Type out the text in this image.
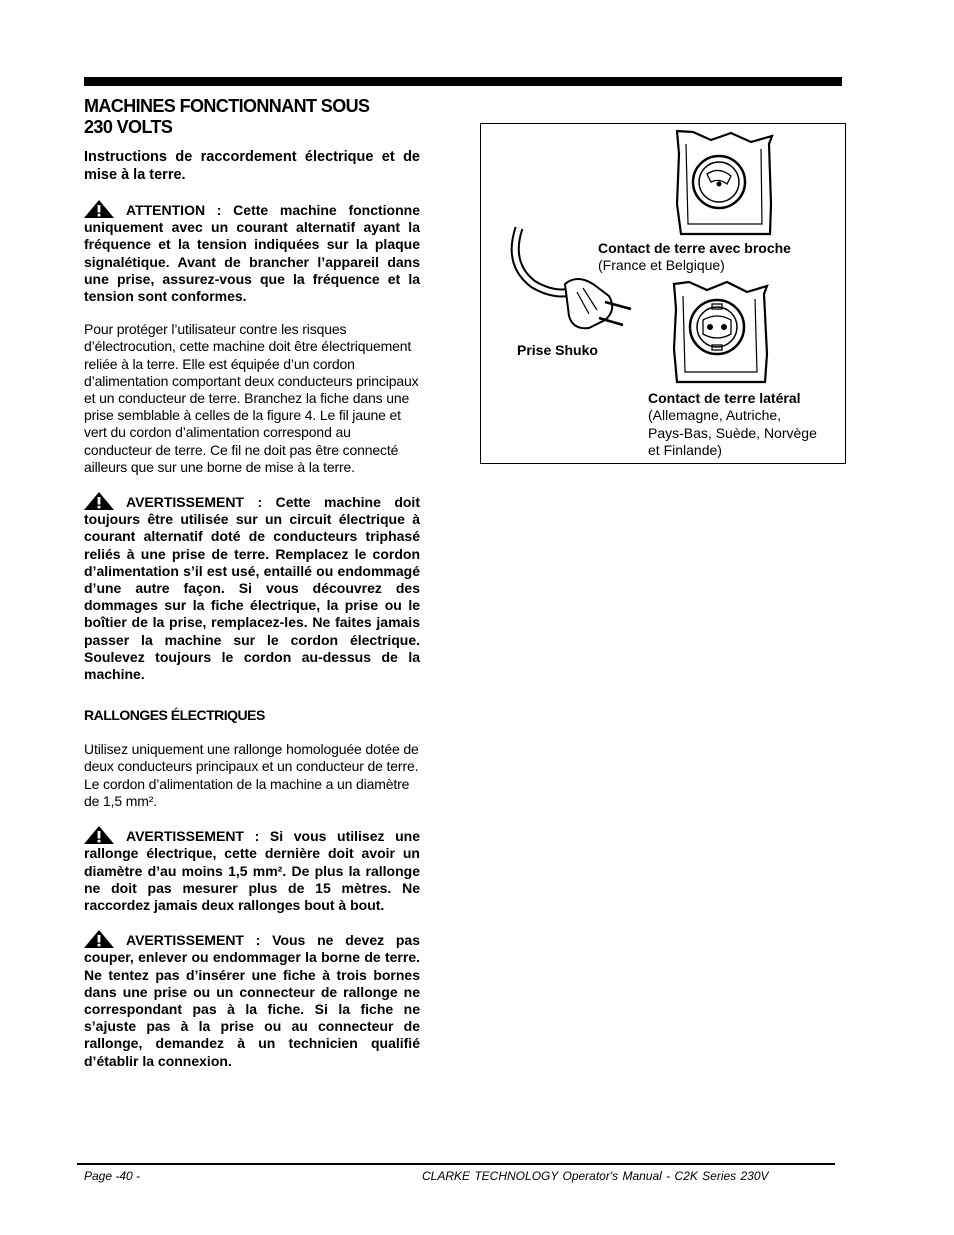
MACHINES FONCTIONNANT SOUS
230 VOLTS

Instructions de raccordement électrique et de mise à la terre.

ATTENTION : Cette machine fonctionne uniquement avec un courant alternatif ayant la fréquence et la tension indiquées sur la plaque signalétique. Avant de brancher l’appareil dans une prise, assurez-vous que la fréquence et la tension sont conformes.

Pour protéger l’utilisateur contre les risques d’électrocution, cette machine doit être électriquement reliée à la terre. Elle est équipée d’un cordon d’alimentation comportant deux conducteurs principaux et un conducteur de terre. Branchez la fiche dans une prise semblable à celles de la figure 4. Le fil jaune et vert du cordon d’alimentation correspond au conducteur de terre. Ce fil ne doit pas être connecté ailleurs que sur une borne de mise à la terre.

AVERTISSEMENT : Cette machine doit toujours être utilisée sur un circuit électrique à courant alternatif doté de conducteurs triphasé reliés à une prise de terre. Remplacez le cordon d’alimentation s’il est usé, entaillé ou endommagé d’une autre façon. Si vous découvrez des dommages sur la fiche électrique, la prise ou le boîtier de la prise, remplacez-les. Ne faites jamais passer la machine sur le cordon électrique. Soulevez toujours le cordon au-dessus de la machine.

RALLONGES ÉLECTRIQUES

Utilisez uniquement une rallonge homologuée dotée de deux conducteurs principaux et un conducteur de terre. Le cordon d’alimentation de la machine a un diamètre de 1,5 mm².

AVERTISSEMENT : Si vous utilisez une rallonge électrique, cette dernière doit avoir un diamètre d’au moins 1,5 mm². De plus la rallonge ne doit pas mesurer plus de 15 mètres. Ne raccordez jamais deux rallonges bout à bout.

AVERTISSEMENT : Vous ne devez pas couper, enlever ou endommager la borne de terre. Ne tentez pas d’insérer une fiche à trois bornes dans une prise ou un connecteur de rallonge ne correspondant pas à la fiche. Si la fiche ne s’ajuste pas à la prise ou au connecteur de rallonge, demandez à un technicien qualifié d’établir la connexion.

Contact de terre avec broche
(France et Belgique)
Prise Shuko
Contact de terre latéral
(Allemagne, Autriche,
Pays-Bas, Suède, Norvège
et Finlande)
Page -40 -	CLARKE TECHNOLOGY Operator's Manual - C2K Series 230V
